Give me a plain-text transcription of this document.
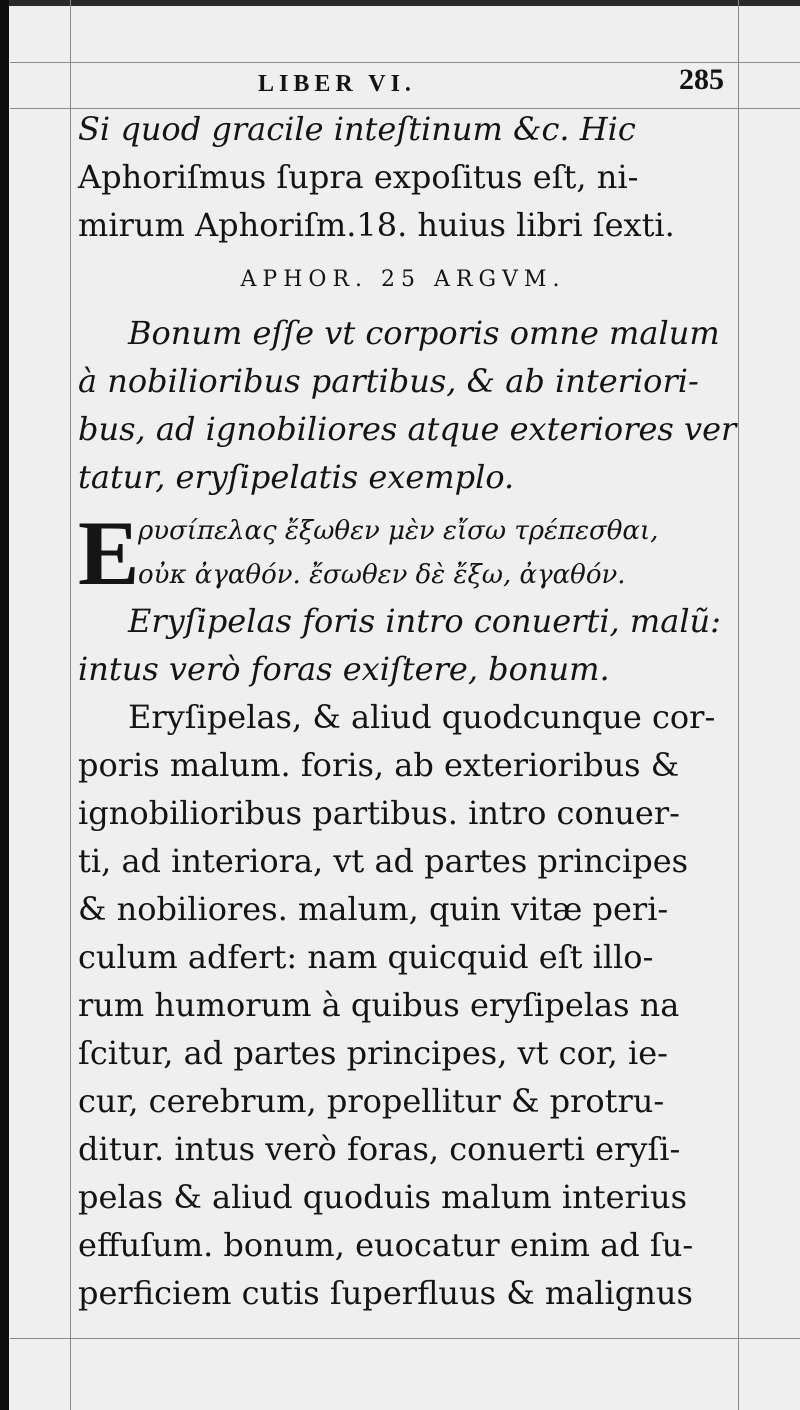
LIBER VI.	285
Si quod gracile inteſtinum &c. Hic
Aphoriſmus ſupra expoſitus eſt, ni-
mirum Aphoriſm.18. huius libri ſexti.
APHOR. 25 ARGVM.
Bonum eſſe vt corporis omne malum
à nobilioribus partibus, & ab interiori-
bus, ad ignobiliores atque exteriores ver
tatur, eryſipelatis exemplo.
E
ρυσίπελας ἔξωθεν μὲν εἴσω τρέπεσθαι,
οὐκ ἀγαθόν. ἔσωθεν δὲ ἔξω, ἀγαθόν.
Eryſipelas foris intro conuerti, malũ:
intus verò foras exiſtere, bonum.
Eryſipelas, & aliud quodcunque cor-
poris malum. foris, ab exterioribus &
ignobilioribus partibus. intro conuer-
ti, ad interiora, vt ad partes principes
& nobiliores. malum, quin vitæ peri-
culum adfert: nam quicquid eſt illo-
rum humorum à quibus eryſipelas na
ſcitur, ad partes principes, vt cor, ie-
cur, cerebrum, propellitur & protru-
ditur. intus verò foras, conuerti eryſi-
pelas & aliud quoduis malum interius
effuſum. bonum, euocatur enim ad ſu-
perficiem cutis ſuperfluus & malignus
